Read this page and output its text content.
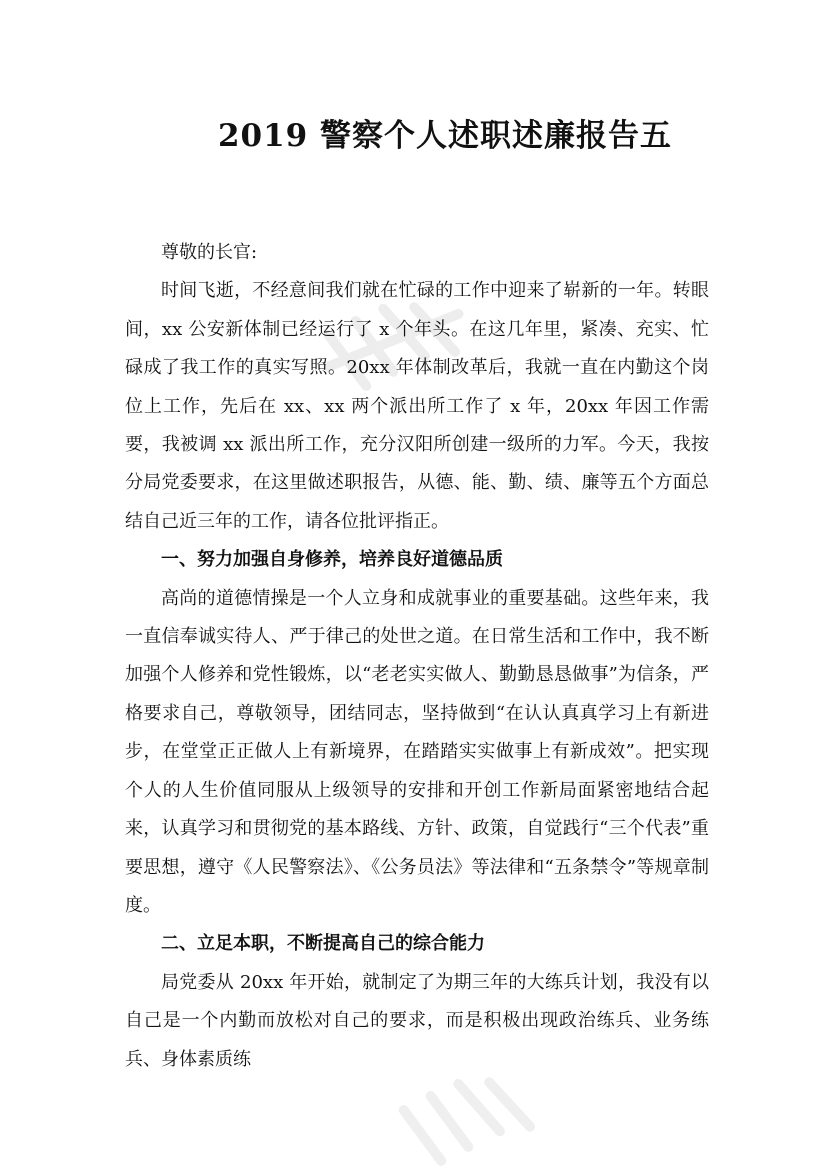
2019 警察个人述职述廉报告五

尊敬的长官:

时间飞逝，不经意间我们就在忙碌的工作中迎来了崭新的一年。转眼间，xx 公安新体制已经运行了 x 个年头。在这几年里，紧凑、充实、忙碌成了我工作的真实写照。20xx 年体制改革后，我就一直在内勤这个岗位上工作，先后在 xx、xx 两个派出所工作了 x 年，20xx 年因工作需要，我被调 xx 派出所工作，充分汉阳所创建一级所的力军。今天，我按分局党委要求，在这里做述职报告，从德、能、勤、绩、廉等五个方面总结自己近三年的工作，请各位批评指正。

一、努力加强自身修养，培养良好道德品质

高尚的道德情操是一个人立身和成就事业的重要基础。这些年来，我一直信奉诚实待人、严于律己的处世之道。在日常生活和工作中，我不断加强个人修养和党性锻炼，以“老老实实做人、勤勤恳恳做事”为信条，严格要求自己，尊敬领导，团结同志，坚持做到“在认认真真学习上有新进步，在堂堂正正做人上有新境界，在踏踏实实做事上有新成效”。把实现个人的人生价值同服从上级领导的安排和开创工作新局面紧密地结合起来，认真学习和贯彻党的基本路线、方针、政策，自觉践行“三个代表”重要思想，遵守《人民警察法》、《公务员法》等法律和“五条禁令”等规章制度。

二、立足本职，不断提高自己的综合能力

局党委从 20xx 年开始，就制定了为期三年的大练兵计划，我没有以自己是一个内勤而放松对自己的要求，而是积极出现政治练兵、业务练兵、身体素质练
